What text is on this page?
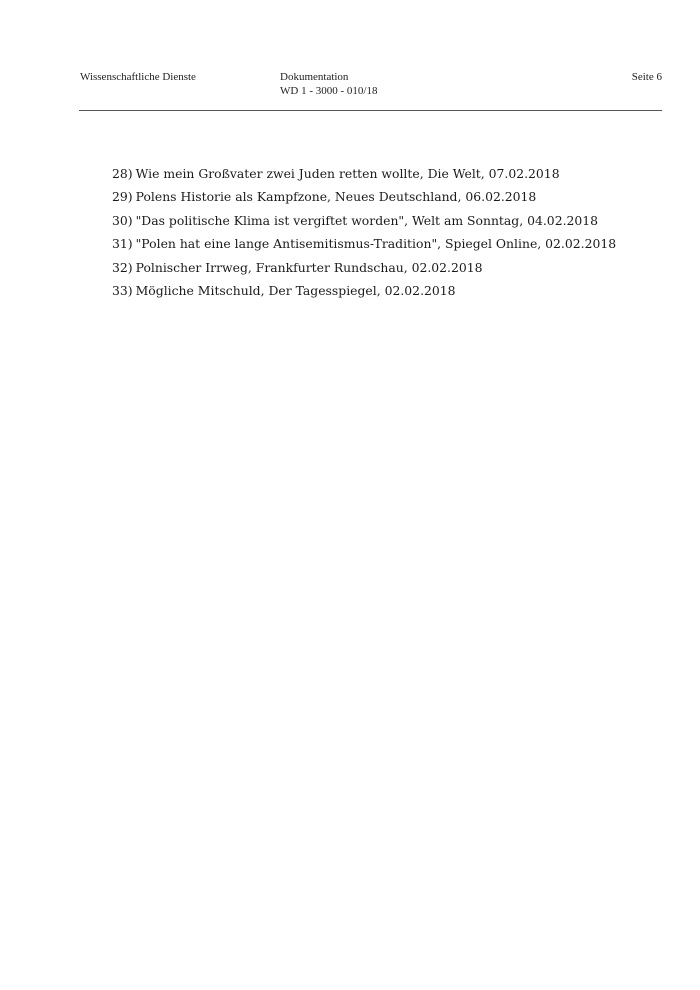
Wissenschaftliche Dienste	Dokumentation
WD 1 - 3000 - 010/18
Seite 6
28) Wie mein Großvater zwei Juden retten wollte, Die Welt, 07.02.2018
29) Polens Historie als Kampfzone, Neues Deutschland, 06.02.2018
30) "Das politische Klima ist vergiftet worden", Welt am Sonntag, 04.02.2018
31) "Polen hat eine lange Antisemitismus-Tradition", Spiegel Online, 02.02.2018
32) Polnischer Irrweg, Frankfurter Rundschau, 02.02.2018
33) Mögliche Mitschuld, Der Tagesspiegel, 02.02.2018
